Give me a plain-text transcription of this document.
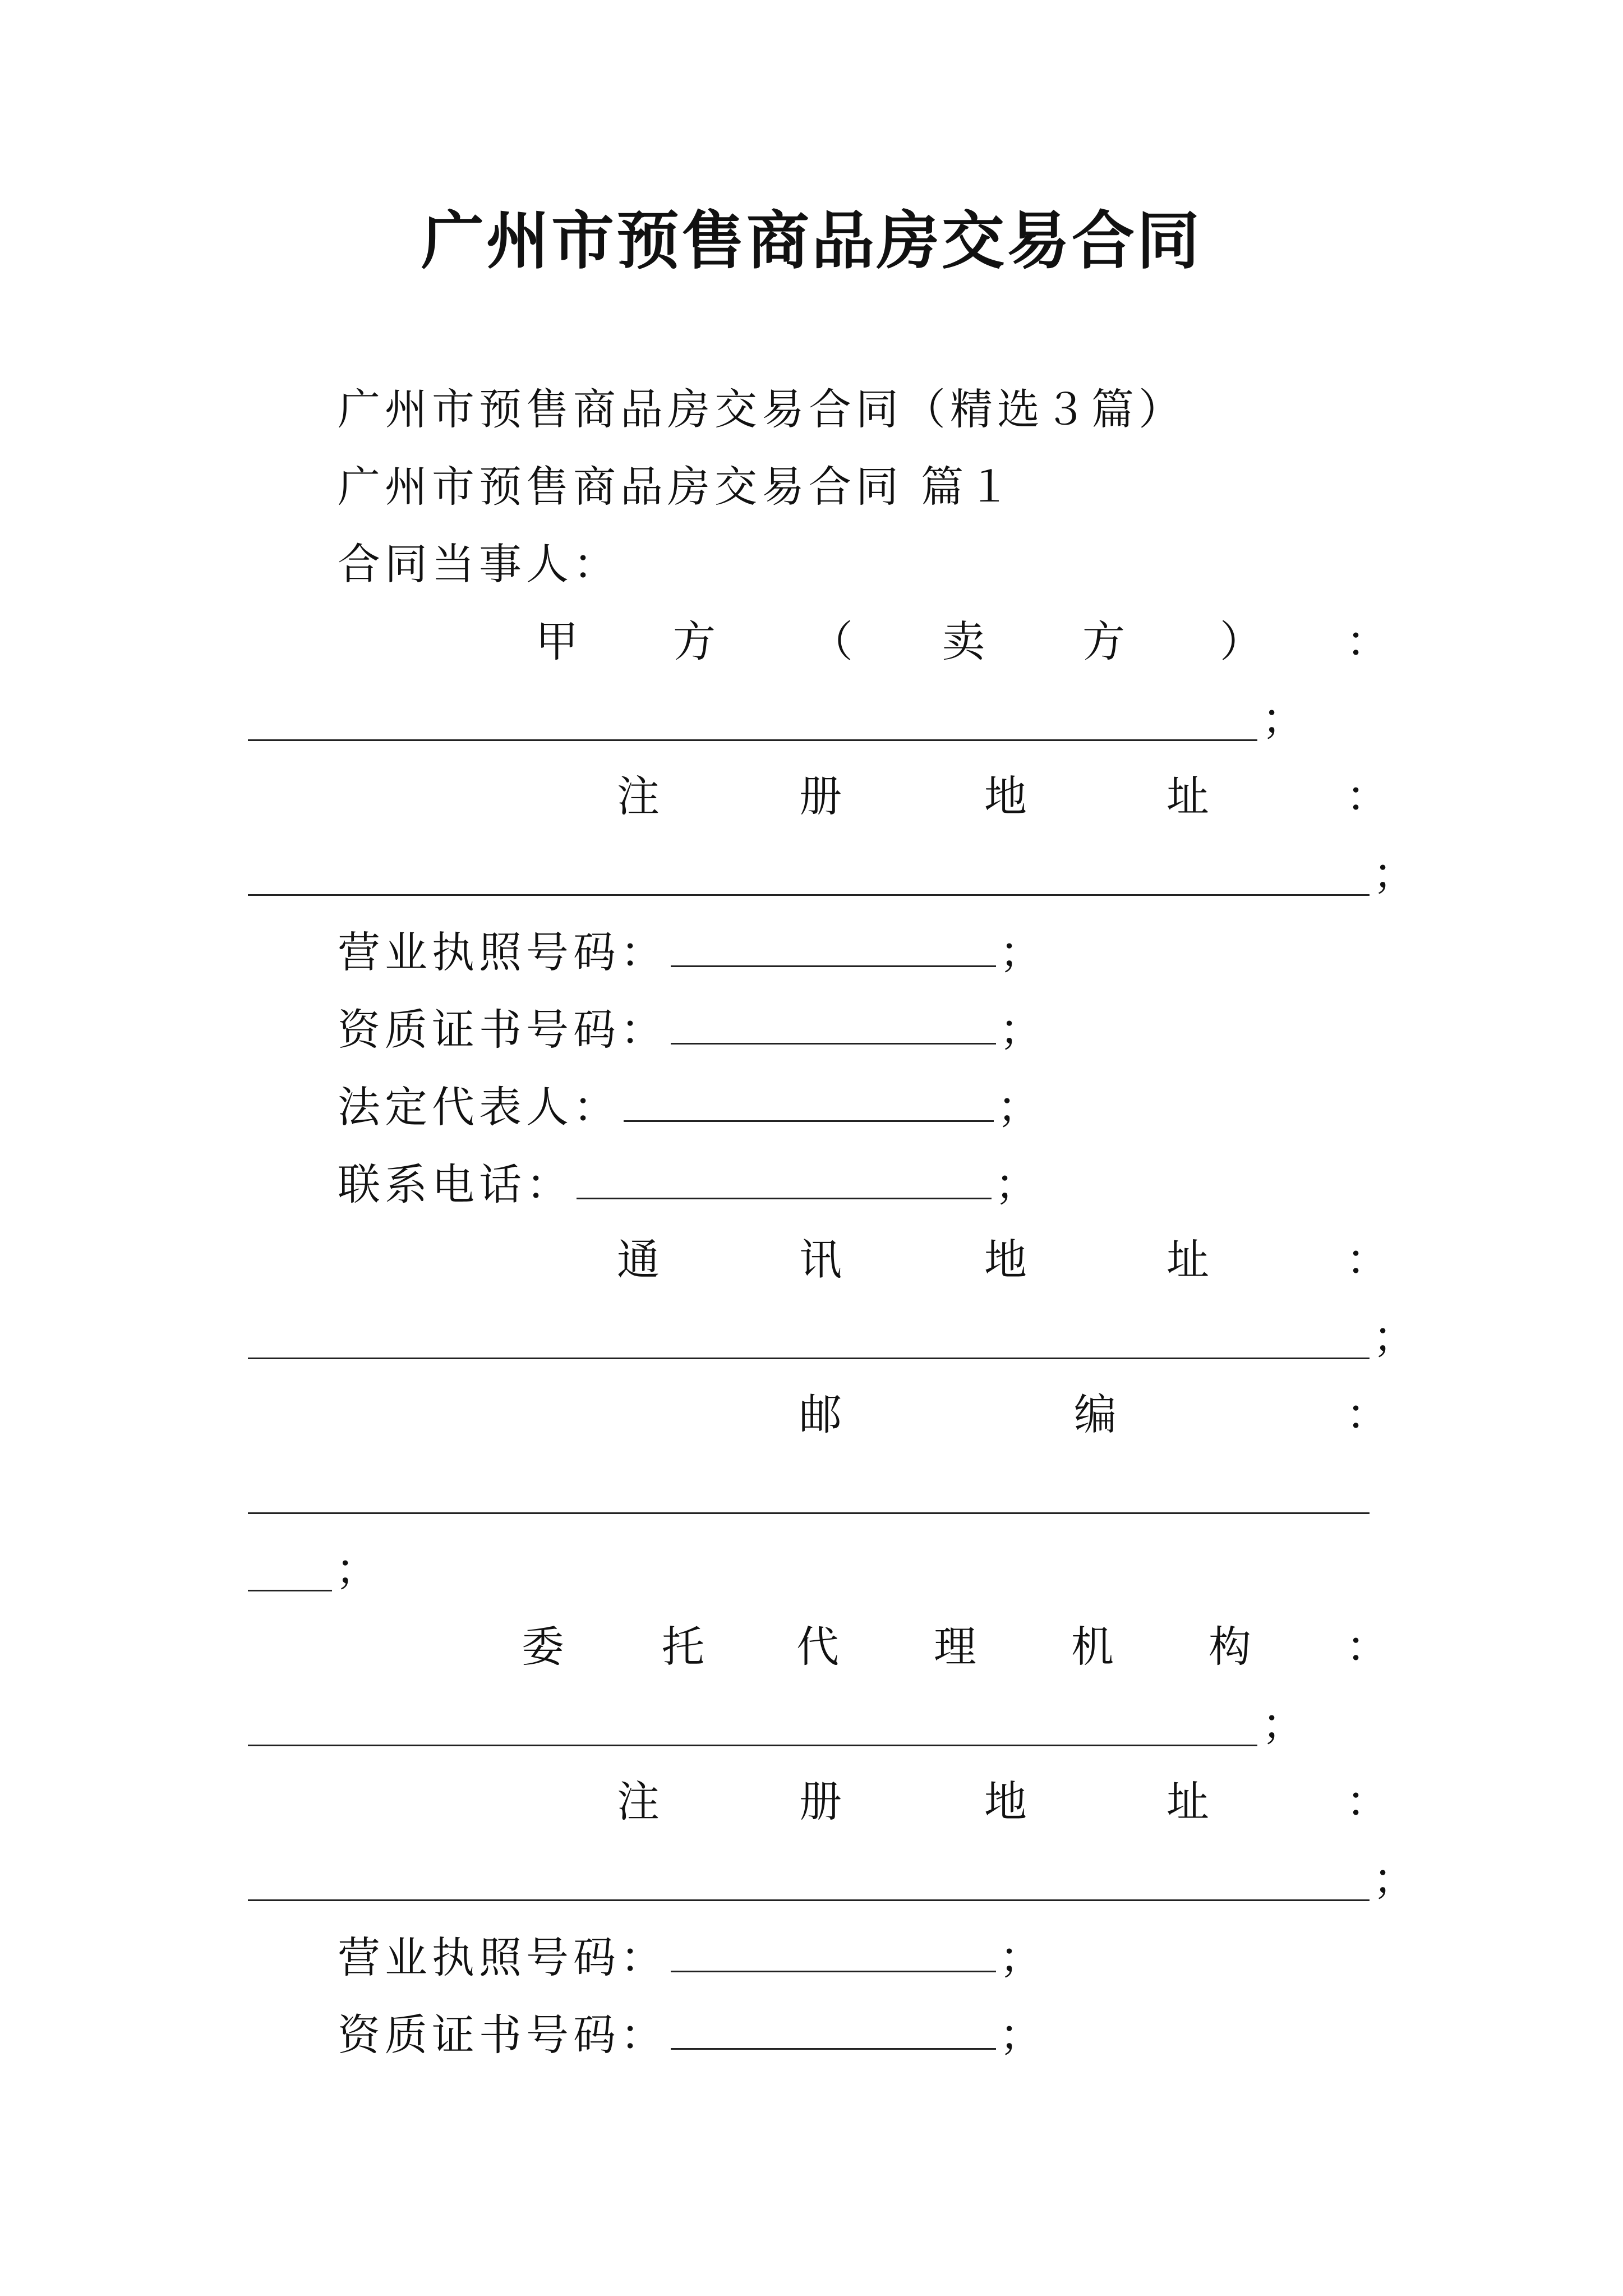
广州市预售商品房交易合同
广州市预售商品房交易合同（精选３篇）
广州市预售商品房交易合同 篇１
合同当事人：
甲 方 （ 卖 方 ） ：
；
注	册	地	址	：
；
营业执照号码：	；
资质证书号码：	；
法定代表人：	；
联系电话：	；
通	讯	地	址	：
；
邮	编	：
；
委 托 代 理 机 构 ：
；
注	册	地	址	：
；
营业执照号码：	；
资质证书号码：	；
